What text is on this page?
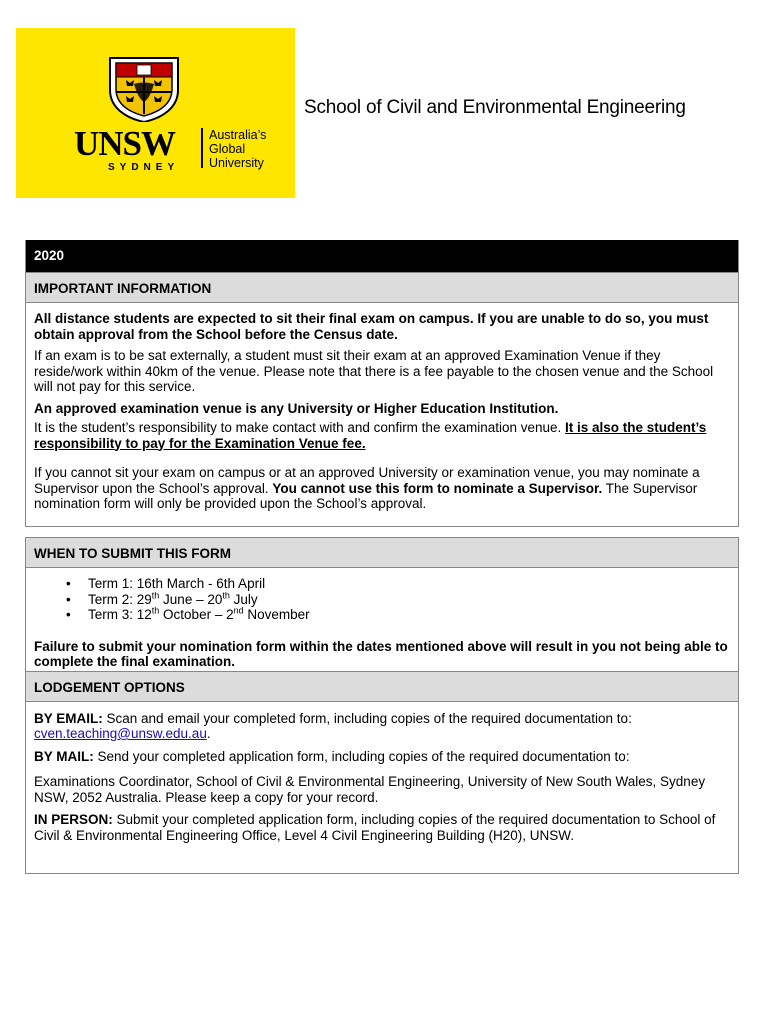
UNSW	Australia’s
Global
University
SYDNEY
School of Civil and Environmental Engineering
2020
IMPORTANT INFORMATION

All distance students are expected to sit their final exam on campus. If you are unable to do so, you must obtain approval from the School before the Census date.

If an exam is to be sat externally, a student must sit their exam at an approved Examination Venue if they reside/work within 40km of the venue. Please note that there is a fee payable to the chosen venue and the School will not pay for this service.

An approved examination venue is any University or Higher Education Institution.

It is the student’s responsibility to make contact with and confirm the examination venue. It is also the student’s responsibility to pay for the Examination Venue fee.

If you cannot sit your exam on campus or at an approved University or examination venue, you may nominate a Supervisor upon the School’s approval. You cannot use this form to nominate a Supervisor. The Supervisor nomination form will only be provided upon the School’s approval.

WHEN TO SUBMIT THIS FORM
• Term 1: 16th March - 6th April
• Term 2: 29th June – 20th July
• Term 3: 12th October – 2nd November

Failure to submit your nomination form within the dates mentioned above will result in you not being able to complete the final examination.

LODGEMENT OPTIONS

BY EMAIL: Scan and email your completed form, including copies of the required documentation to:
cven.teaching@unsw.edu.au.

BY MAIL: Send your completed application form, including copies of the required documentation to:

Examinations Coordinator, School of Civil & Environmental Engineering, University of New South Wales, Sydney NSW, 2052 Australia. Please keep a copy for your record.

IN PERSON: Submit your completed application form, including copies of the required documentation to School of Civil & Environmental Engineering Office, Level 4 Civil Engineering Building (H20), UNSW.
